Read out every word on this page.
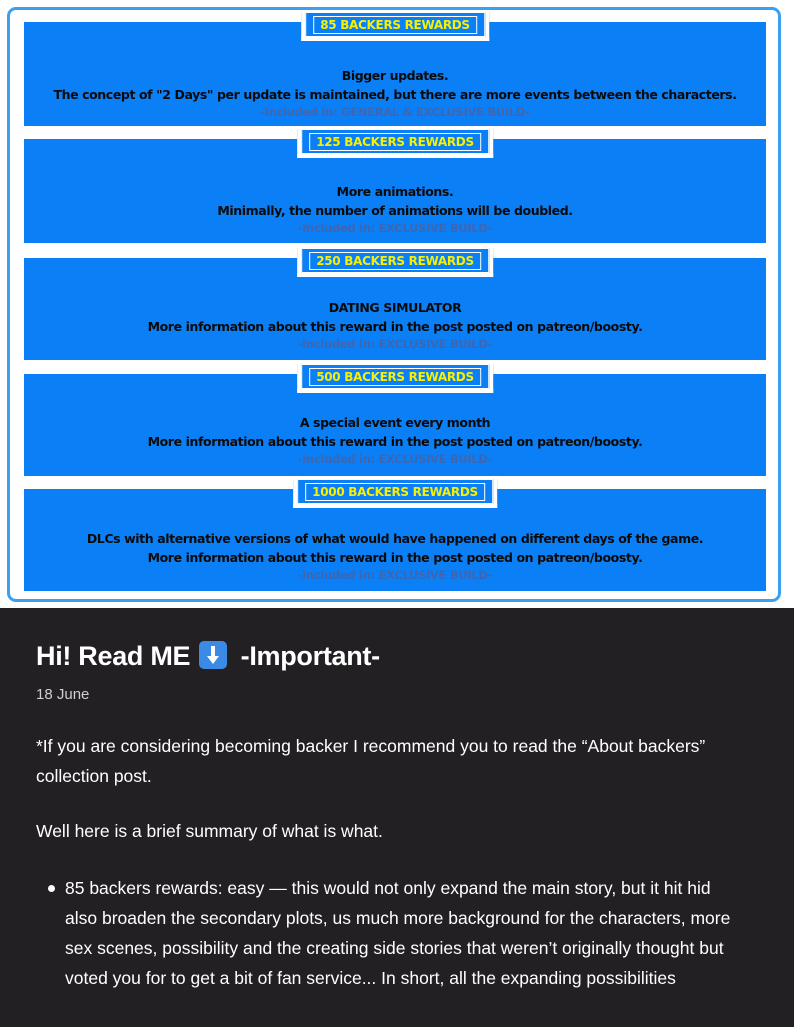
85 BACKERS REWARDS
Bigger updates.
The concept of "2 Days" per update is maintained, but there are more events between the characters.
-Included in: GENERAL & EXCLUSIVE BUILD-
125 BACKERS REWARDS
More animations.
Minimally, the number of animations will be doubled.
-Included in: EXCLUSIVE BUILD-
250 BACKERS REWARDS
DATING SIMULATOR
More information about this reward in the post posted on patreon/boosty.
-Included in: EXCLUSIVE BUILD-
500 BACKERS REWARDS
A special event every month
More information about this reward in the post posted on patreon/boosty.
-Included in: EXCLUSIVE BUILD-
1000 BACKERS REWARDS
DLCs with alternative versions of what would have happened on different days of the game.
More information about this reward in the post posted on patreon/boosty.
-Included in: EXCLUSIVE BUILD-
Hi! Read ME -Important-
18 June

*If you are considering becoming backer I recommend you to read the “About backers” collection post.

Well here is a brief summary of what is what.

85 backers rewards: easy — this would not only expand the main story, but it hit hid also broaden the secondary plots, us much more background for the characters, more sex scenes, possibility and the creating side stories that weren’t originally thought but voted you for to get a bit of fan service... In short, all the expanding possibilities
